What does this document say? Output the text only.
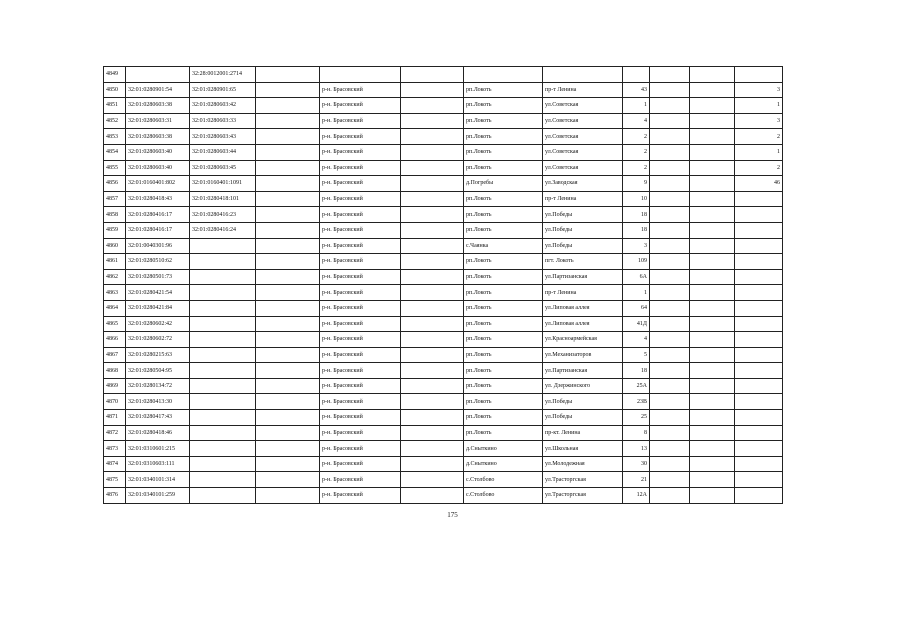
4849		32:28:0012001:2714									
4850	32:01:0280901:54	32:01:0280901:65		р-н. Брасовский		рп.Локоть	пр-т Ленина	43			3
4851	32:01:0280603:38	32:01:0280603:42		р-н. Брасовский		рп.Локоть	ул.Советская	1			1
4852	32:01:0280603:31	32:01:0280603:33		р-н. Брасовский		рп.Локоть	ул.Советская	4			3
4853	32:01:0280603:38	32:01:0280603:43		р-н. Брасовский		рп.Локоть	ул.Советская	2			2
4854	32:01:0280603:40	32:01:0280603:44		р-н. Брасовский		рп.Локоть	ул.Советская	2			1
4855	32:01:0280603:40	32:01:0280603:45		р-н. Брасовский		рп.Локоть	ул.Советская	2			2
4856	32:01:0160401:802	32:01:0160401:1091		р-н. Брасовский		д.Погребы	ул.Заводская	9			46
4857	32:01:0280418:43	32:01:0280418:101		р-н. Брасовский		рп.Локоть	пр-т Ленина	10			
4858	32:01:0280416:17	32:01:0280416:23		р-н. Брасовский		рп.Локоть	ул.Победы	18			
4859	32:01:0280416:17	32:01:0280416:24		р-н. Брасовский		рп.Локоть	ул.Победы	18			
4860	32:01:0040301:96			р-н. Брасовский		с.Чаянка	ул.Победы	3			
4861	32:01:0280510:62			р-н. Брасовский		рп.Локоть	пгт. Локоть	109			
4862	32:01:0280501:73			р-н. Брасовский		рп.Локоть	ул.Партизанская	6А			
4863	32:01:0280421:54			р-н. Брасовский		рп.Локоть	пр-т Ленина	1			
4864	32:01:0280421:84			р-н. Брасовский		рп.Локоть	ул.Липовая аллея	64			
4865	32:01:0280602:42			р-н. Брасовский		рп.Локоть	ул.Липовая аллея	41Д			
4866	32:01:0280602:72			р-н. Брасовский		рп.Локоть	ул.Красноармейская	4			
4867	32:01:0280215:63			р-н. Брасовский		рп.Локоть	ул.Механизаторов	5			
4868	32:01:0280504:95			р-н. Брасовский		рп.Локоть	ул.Партизанская	18			
4869	32:01:0280134:72			р-н. Брасовский		рп.Локоть	ул. Дзержинского	25А			
4870	32:01:0280413:30			р-н. Брасовский		рп.Локоть	ул.Победы	23В			
4871	32:01:0280417:43			р-н. Брасовский		рп.Локоть	ул.Победы	25			
4872	32:01:0280418:46			р-н. Брасовский		рп.Локоть	пр-кт. Ленина	8			
4873	32:01:0310601:215			р-н. Брасовский		д.Сныткино	ул.Школьная	13			
4874	32:01:0310603:111			р-н. Брасовский		д.Сныткино	ул.Молодежная	30			
4875	32:01:0340101:314			р-н. Брасовский		с.Столбово	ул.Трасторгская	21			
4876	32:01:0340101:259			р-н. Брасовский		с.Столбово	ул.Трасторгская	12А			
175
